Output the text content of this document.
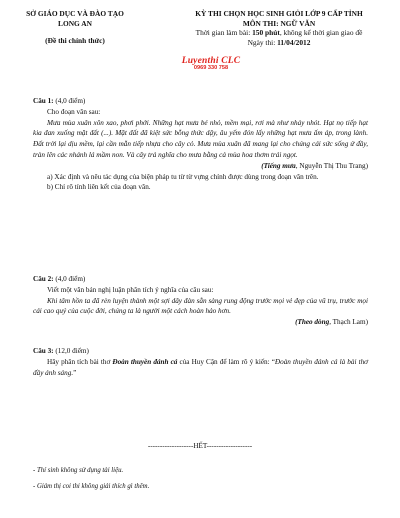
SỞ GIÁO DỤC VÀ ĐÀO TẠO
LONG AN
(Đề thi chính thức)
KỲ THI CHỌN HỌC SINH GIỎI LỚP 9 CẤP TỈNH
MÔN THI: NGỮ VĂN
Thời gian làm bài: 150 phút, không kể thời gian giao đề
Ngày thi: 11/04/2012
Luyenthi CLC
0969 330 758

Câu 1: (4,0 điểm)

Cho đoạn văn sau:

Mưa mùa xuân xôn xao, phơi phới. Những hạt mưa bé nhỏ, mềm mại, rơi mà như nhảy nhót. Hạt nọ tiếp hạt kia đan xuống mặt đất (...). Mặt đất đã kiệt sức bỗng thức dậy, âu yếm đón lấy những hạt mưa ấm áp, trong lành. Đất trời lại dịu mềm, lại cần mẫn tiếp nhựa cho cây cỏ. Mưa mùa xuân đã mang lại cho chúng cái sức sống ứ đầy, tràn lên các nhánh lá mầm non. Và cây trả nghĩa cho mưa bằng cả mùa hoa thơm trái ngọt.

(Tiếng mưa, Nguyễn Thị Thu Trang)

a) Xác định và nêu tác dụng của biện pháp tu từ từ vựng chính được dùng trong đoạn văn trên.

b) Chỉ rõ tính liên kết của đoạn văn.

Câu 2: (4,0 điểm)

Viết một văn bản nghị luận phân tích ý nghĩa của câu sau:

Khi tâm hồn ta đã rèn luyện thành một sợi dây đàn sẵn sàng rung động trước mọi vẻ đẹp của vũ trụ, trước mọi cái cao quý của cuộc đời, chúng ta là người một cách hoàn hảo hơn.

(Theo dòng, Thạch Lam)

Câu 3: (12,0 điểm)

Hãy phân tích bài thơ Đoàn thuyền đánh cá của Huy Cận để làm rõ ý kiến: “Đoàn thuyền đánh cá là bài thơ đầy ánh sáng.”

-------------------HẾT-------------------
- Thí sinh không sử dụng tài liệu.
- Giám thị coi thi không giải thích gì thêm.
